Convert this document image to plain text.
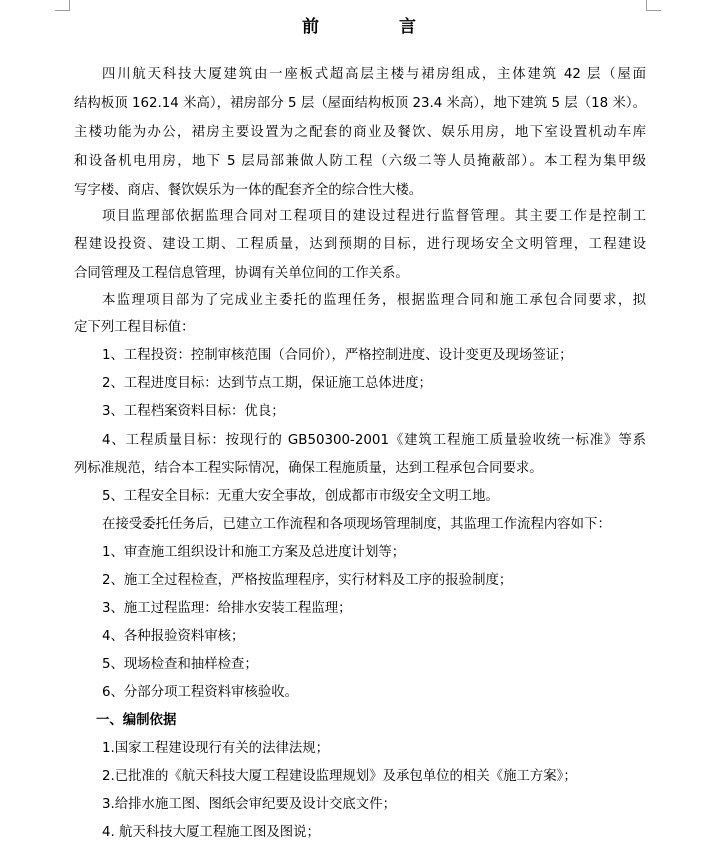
前	言
四川航天科技大厦建筑由一座板式超高层主楼与裙房组成，主体建筑 42 层（屋面
结构板顶 162.14 米高），裙房部分 5 层（屋面结构板顶 23.4 米高），地下建筑 5 层（18 米）。
主楼功能为办公，裙房主要设置为之配套的商业及餐饮、娱乐用房，地下室设置机动车库
和设备机电用房，地下 5 层局部兼做人防工程（六级二等人员掩蔽部）。本工程为集甲级
写字楼、商店、餐饮娱乐为一体的配套齐全的综合性大楼。
项目监理部依据监理合同对工程项目的建设过程进行监督管理。其主要工作是控制工
程建设投资、建设工期、工程质量，达到预期的目标，进行现场安全文明管理，工程建设
合同管理及工程信息管理，协调有关单位间的工作关系。
本监理项目部为了完成业主委托的监理任务，根据监理合同和施工承包合同要求，拟
定下列工程目标值：
1、工程投资：控制审核范围（合同价），严格控制进度、设计变更及现场签证；
2、工程进度目标：达到节点工期，保证施工总体进度；
3、工程档案资料目标：优良；
4、工程质量目标：按现行的 GB50300-2001《建筑工程施工质量验收统一标准》等系
列标准规范，结合本工程实际情况，确保工程施质量，达到工程承包合同要求。
5、工程安全目标：无重大安全事故，创成都市市级安全文明工地。
在接受委托任务后，已建立工作流程和各项现场管理制度，其监理工作流程内容如下：
1、审查施工组织设计和施工方案及总进度计划等；
2、施工全过程检查，严格按监理程序，实行材料及工序的报验制度；
3、施工过程监理：给排水安装工程监理；
4、各种报验资料审核；
5、现场检查和抽样检查；
6、分部分项工程资料审核验收。
一、编制依据
1.国家工程建设现行有关的法律法规；
2.已批准的《航天科技大厦工程建设监理规划》及承包单位的相关《施工方案》；
3.给排水施工图、图纸会审纪要及设计交底文件；
4. 航天科技大厦工程施工图及图说；
